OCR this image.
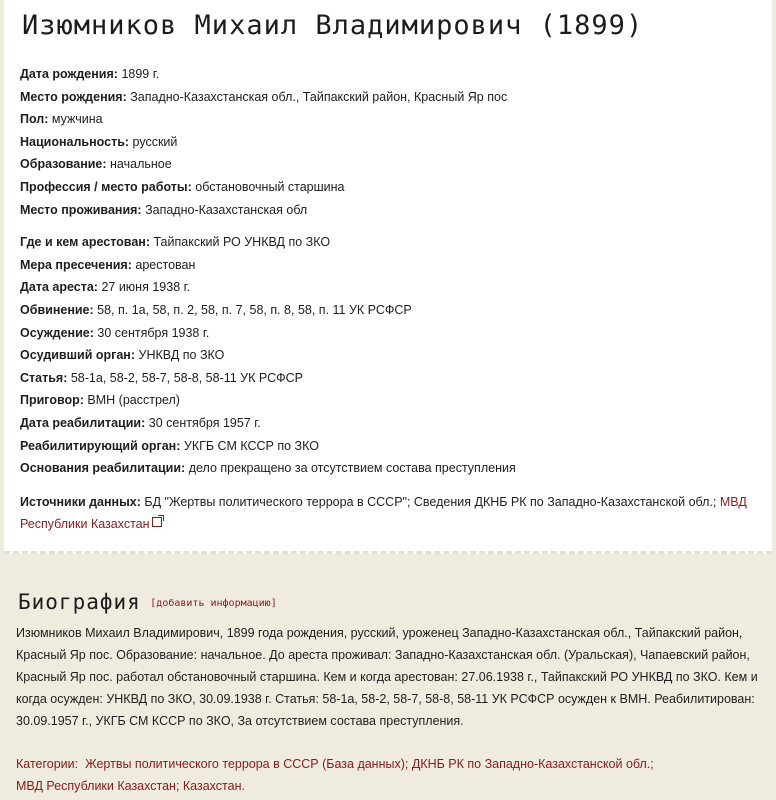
Изюмников Михаил Владимирович (1899)
Дата рождения: 1899 г.
Место рождения: Западно-Казахстанская обл., Тайпакский район, Красный Яр пос
Пол: мужчина
Национальность: русский
Образование: начальное
Профессия / место работы: обстановочный старшина
Место проживания: Западно-Казахстанская обл
Где и кем арестован: Тайпакский РО УНКВД по ЗКО
Мера пресечения: арестован
Дата ареста: 27 июня 1938 г.
Обвинение: 58, п. 1а, 58, п. 2, 58, п. 7, 58, п. 8, 58, п. 11 УК РСФСР
Осуждение: 30 сентября 1938 г.
Осудивший орган: УНКВД по ЗКО
Статья: 58-1а, 58-2, 58-7, 58-8, 58-11 УК РСФСР
Приговор: ВМН (расстрел)
Дата реабилитации: 30 сентября 1957 г.
Реабилитирующий орган: УКГБ СМ КССР по ЗКО
Основания реабилитации: дело прекращено за отсутствием состава преступления
Источники данных: БД "Жертвы политического террора в СССР"; Сведения ДКНБ РК по Западно-Казахстанской обл.; МВД Республики Казахстан
Биография [добавить информацию]
Изюмников Михаил Владимирович, 1899 года рождения, русский, уроженец Западно-Казахстанская обл., Тайпакский район, Красный Яр пос. Образование: начальное. До ареста проживал: Западно-Казахстанская обл. (Уральская), Чапаевский район, Красный Яр пос. работал обстановочный старшина. Кем и когда арестован: 27.06.1938 г., Тайпакский РО УНКВД по ЗКО. Кем и когда осужден: УНКВД по ЗКО, 30.09.1938 г. Статья: 58-1а, 58-2, 58-7, 58-8, 58-11 УК РСФСР осужден к ВМН. Реабилитирован: 30.09.1957 г., УКГБ СМ КССР по ЗКО, За отсутствием состава преступления.
Категории: Жертвы политического террора в СССР (База данных); ДКНБ РК по Западно-Казахстанской обл.;
МВД Республики Казахстан; Казахстан.
